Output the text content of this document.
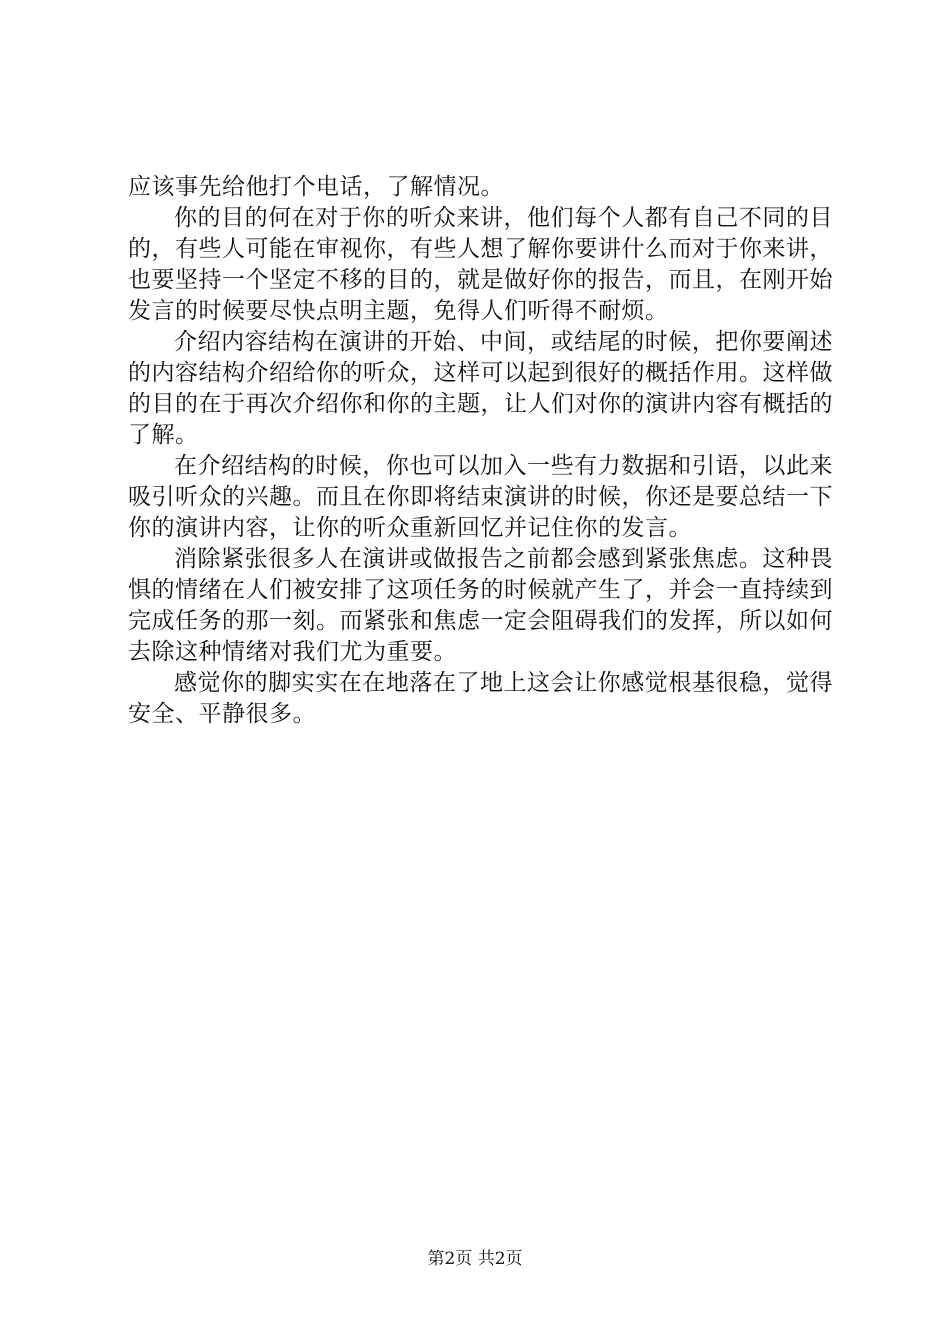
应该事先给他打个电话，了解情况。

你的目的何在对于你的听众来讲，他们每个人都有自己不同的目的，有些人可能在审视你，有些人想了解你要讲什么而对于你来讲，也要坚持一个坚定不移的目的，就是做好你的报告，而且，在刚开始发言的时候要尽快点明主题，免得人们听得不耐烦。

介绍内容结构在演讲的开始、中间，或结尾的时候，把你要阐述的内容结构介绍给你的听众，这样可以起到很好的概括作用。这样做的目的在于再次介绍你和你的主题，让人们对你的演讲内容有概括的了解。

在介绍结构的时候，你也可以加入一些有力数据和引语，以此来吸引听众的兴趣。而且在你即将结束演讲的时候，你还是要总结一下你的演讲内容，让你的听众重新回忆并记住你的发言。

消除紧张很多人在演讲或做报告之前都会感到紧张焦虑。这种畏惧的情绪在人们被安排了这项任务的时候就产生了，并会一直持续到完成任务的那一刻。而紧张和焦虑一定会阻碍我们的发挥，所以如何去除这种情绪对我们尤为重要。

感觉你的脚实实在在地落在了地上这会让你感觉根基很稳，觉得安全、平静很多。

第2页 共2页
